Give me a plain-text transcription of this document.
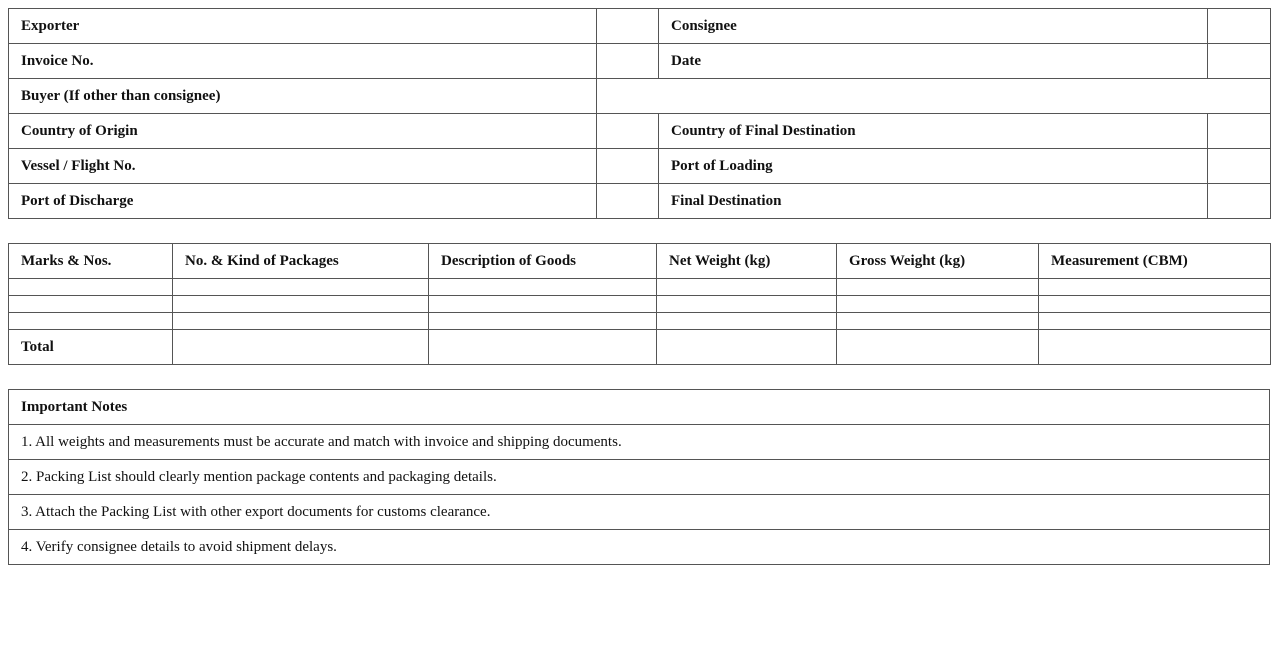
Exporter		Consignee	
Invoice No.		Date	
Buyer (If other than consignee)			
Country of Origin		Country of Final Destination	
Vessel / Flight No.		Port of Loading	
Port of Discharge		Final Destination	
Marks & Nos.	No. & Kind of Packages	Description of Goods	Net Weight (kg)	Gross Weight (kg)	Measurement (CBM)

Total					
Important Notes
1. All weights and measurements must be accurate and match with invoice and shipping documents.
2. Packing List should clearly mention package contents and packaging details.
3. Attach the Packing List with other export documents for customs clearance.
4. Verify consignee details to avoid shipment delays.
